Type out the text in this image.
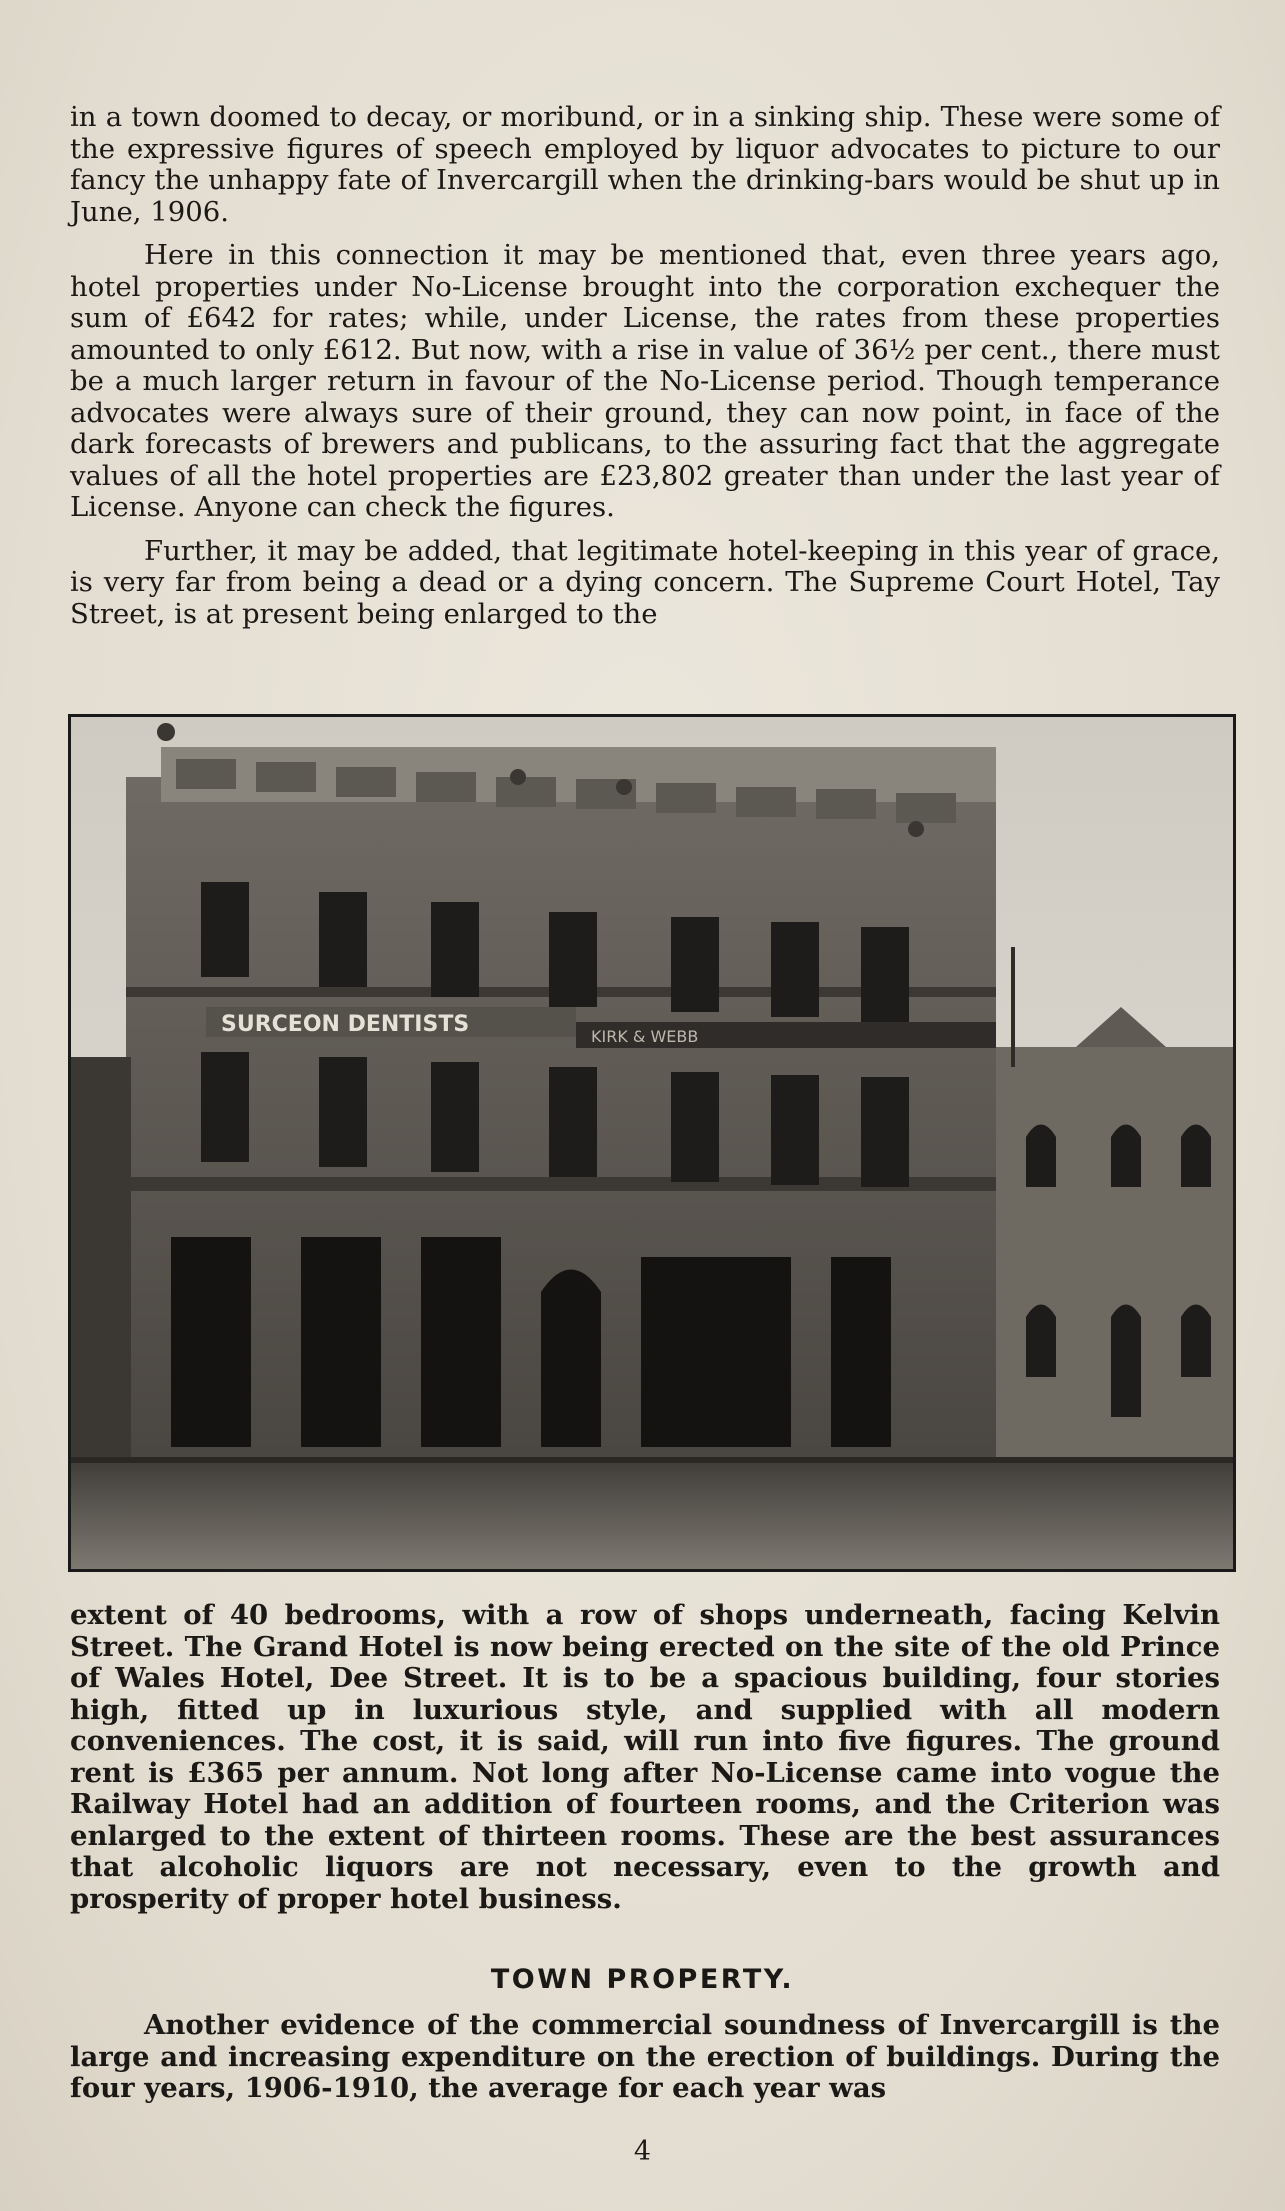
in a town doomed to decay, or moribund, or in a sinking ship. These were some of the expressive figures of speech employed by liquor advocates to picture to our fancy the unhappy fate of Invercargill when the drinking-bars would be shut up in June, 1906.

Here in this connection it may be mentioned that, even three years ago, hotel properties under No-License brought into the corporation exchequer the sum of £642 for rates; while, under License, the rates from these properties amounted to only £612. But now, with a rise in value of 36½ per cent., there must be a much larger return in favour of the No-License period. Though temperance advocates were always sure of their ground, they can now point, in face of the dark forecasts of brewers and publicans, to the assuring fact that the aggregate values of all the hotel properties are £23,802 greater than under the last year of License. Anyone can check the figures.

Further, it may be added, that legitimate hotel-keeping in this year of grace, is very far from being a dead or a dying concern. The Supreme Court Hotel, Tay Street, is at present being enlarged to the

SURCEON DENTISTS	KIRK & WEBB

extent of 40 bedrooms, with a row of shops underneath, facing Kelvin Street. The Grand Hotel is now being erected on the site of the old Prince of Wales Hotel, Dee Street. It is to be a spacious building, four stories high, fitted up in luxurious style, and supplied with all modern conveniences. The cost, it is said, will run into five figures. The ground rent is £365 per annum. Not long after No-License came into vogue the Railway Hotel had an addition of fourteen rooms, and the Criterion was enlarged to the extent of thirteen rooms. These are the best assurances that alcoholic liquors are not necessary, even to the growth and prosperity of proper hotel business.

TOWN PROPERTY.

Another evidence of the commercial soundness of Invercargill is the large and increasing expenditure on the erection of buildings. During the four years, 1906-1910, the average for each year was

4
